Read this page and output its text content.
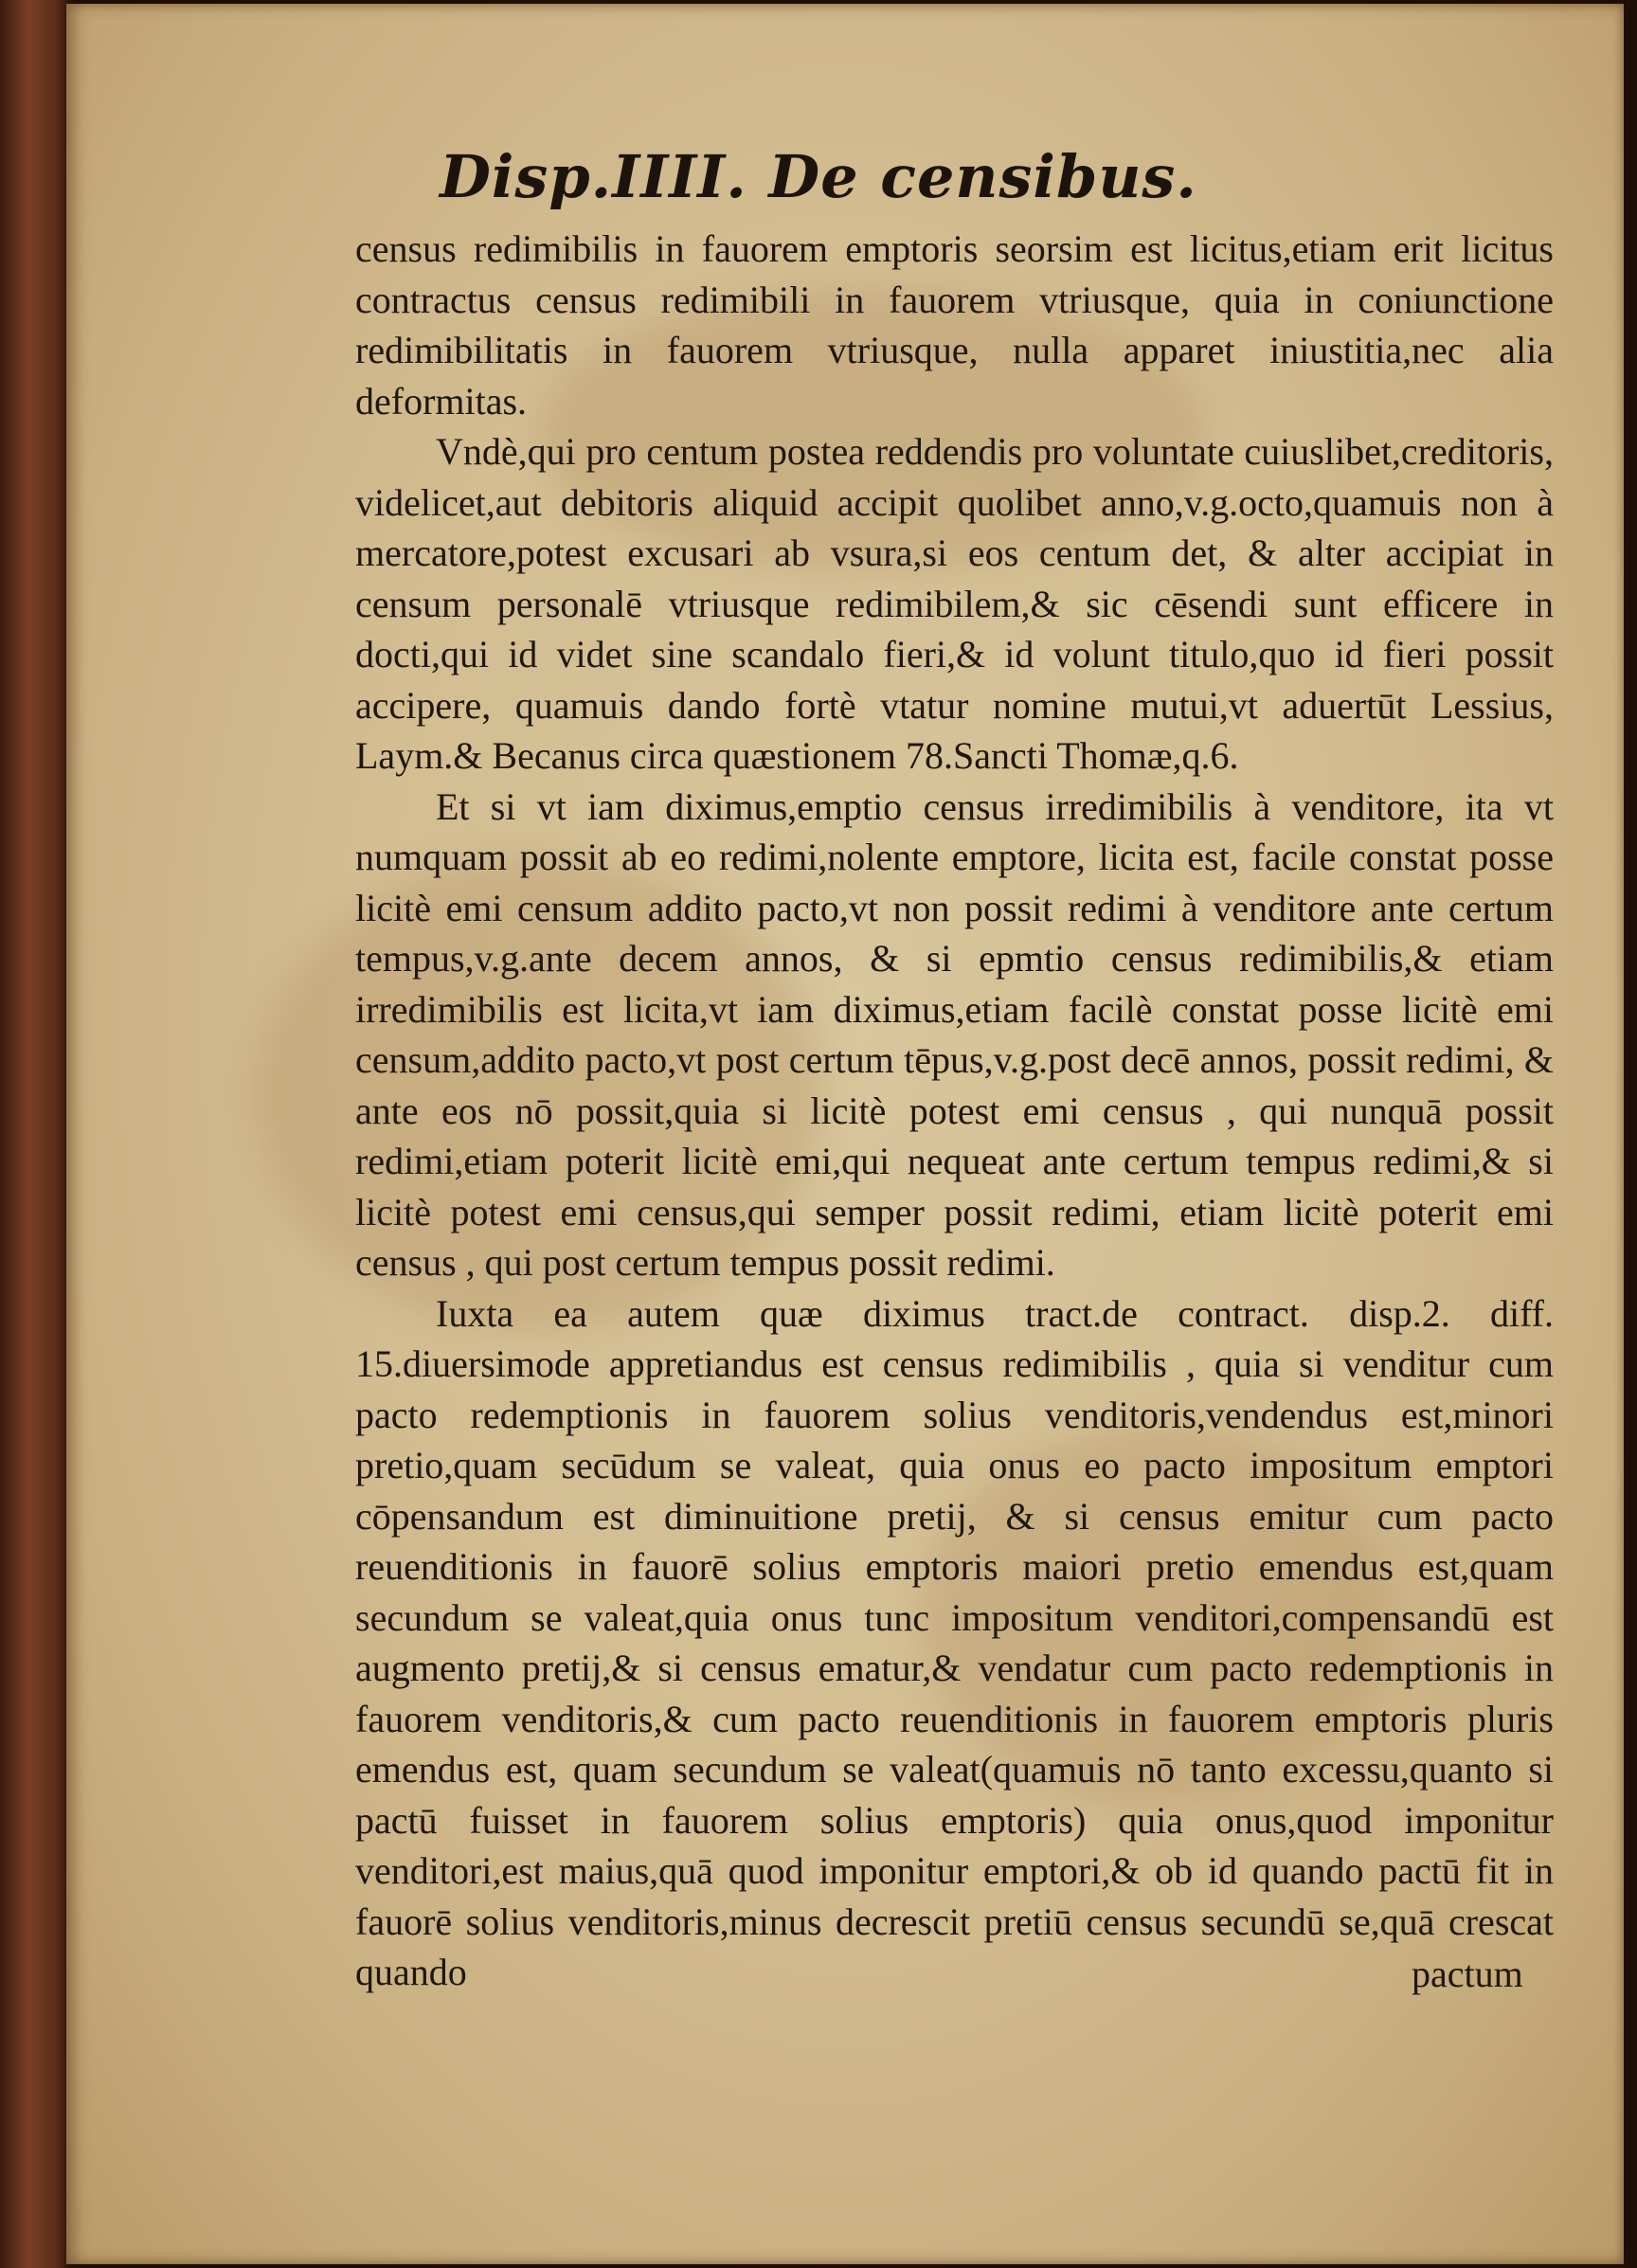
Disp.IIII. De censibus.

census redimibilis in fauorem emptoris seorsim est licitus,etiam erit licitus contractus census redimibili in fauorem vtriusque, quia in coniunctione redimibilitatis in fauorem vtriusque, nulla apparet iniustitia,nec alia deformitas.

Vndè,qui pro centum postea reddendis pro voluntate cuiuslibet,creditoris, videlicet,aut debitoris aliquid accipit quolibet anno,v.g.octo,quamuis non à mercatore,potest excusari ab vsura,si eos centum det, & alter accipiat in censum personalē vtriusque redimibilem,& sic cēsendi sunt efficere in docti,qui id videt sine scandalo fieri,& id volunt titulo,quo id fieri possit accipere, quamuis dando fortè vtatur nomine mutui,vt aduertūt Lessius, Laym.& Becanus circa quæstionem 78.Sancti Thomæ,q.6.

Et si vt iam diximus,emptio census irredimibilis à venditore, ita vt numquam possit ab eo redimi,nolente emptore, licita est, facile constat posse licitè emi censum addito pacto,vt non possit redimi à venditore ante certum tempus,v.g.ante decem annos, & si epmtio census redimibilis,& etiam irredimibilis est licita,vt iam diximus,etiam facilè constat posse licitè emi censum,addito pacto,vt post certum tēpus,v.g.post decē annos, possit redimi, & ante eos nō possit,quia si licitè potest emi census , qui nunquā possit redimi,etiam poterit licitè emi,qui nequeat ante certum tempus redimi,& si licitè potest emi census,qui semper possit redimi, etiam licitè poterit emi census , qui post certum tempus possit redimi.

Iuxta ea autem quæ diximus tract.de contract. disp.2. diff. 15.diuersimode appretiandus est census redimibilis , quia si venditur cum pacto redemptionis in fauorem solius venditoris,vendendus est,minori pretio,quam secūdum se valeat, quia onus eo pacto impositum emptori cōpensandum est diminuitione pretij, & si census emitur cum pacto reuenditionis in fauorē solius emptoris maiori pretio emendus est,quam secundum se valeat,quia onus tunc impositum venditori,compensandū est augmento pretij,& si census ematur,& vendatur cum pacto redemptionis in fauorem venditoris,& cum pacto reuenditionis in fauorem emptoris pluris emendus est, quam secundum se valeat(quamuis nō tanto excessu,quanto si pactū fuisset in fauorem solius emptoris) quia onus,quod imponitur venditori,est maius,quā quod imponitur emptori,& ob id quando pactū fit in fauorē solius venditoris,minus decrescit pretiū census secundū se,quā crescat quando	pactum
